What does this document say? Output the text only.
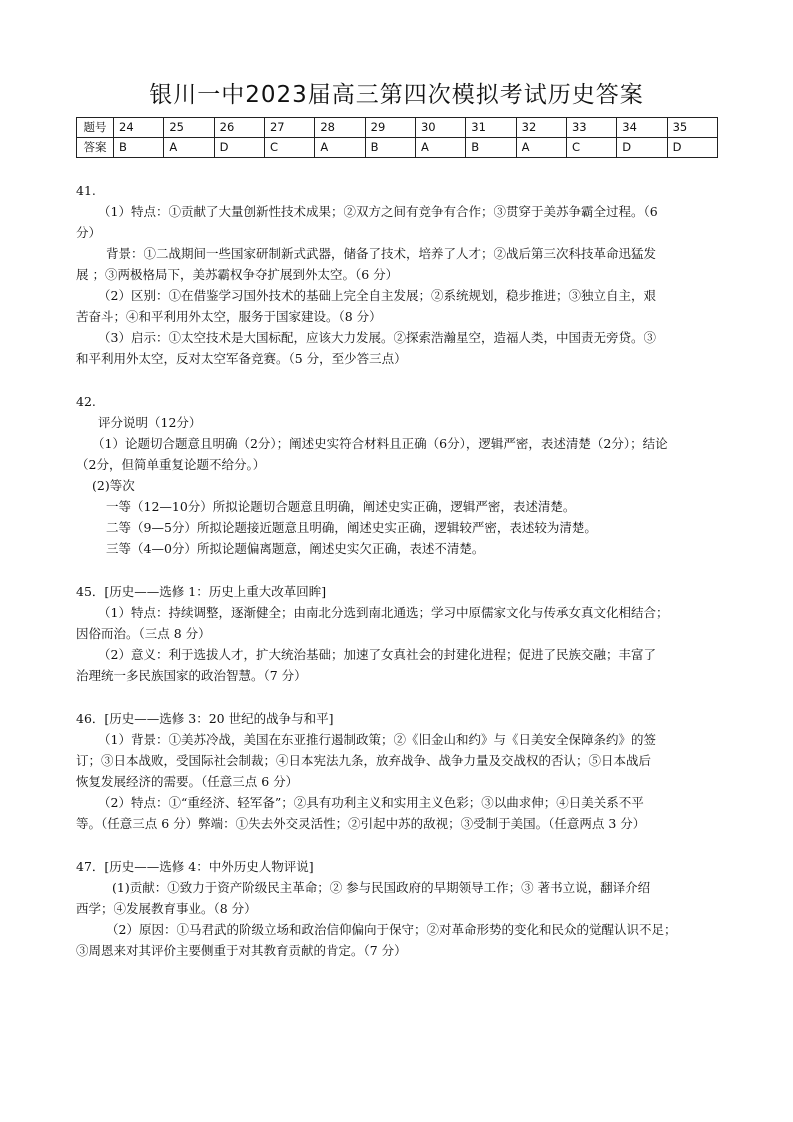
银川一中2023届高三第四次模拟考试历史答案
题号	24	25	26	27	28	29	30	31	32	33	34	35
答案	B	A	D	C	A	B	A	B	A	C	D	D

41.

（1）特点：①贡献了大量创新性技术成果；②双方之间有竞争有合作；③贯穿于美苏争霸全过程。（6

分）

背景：①二战期间一些国家研制新式武器，储备了技术，培养了人才；②战后第三次科技革命迅猛发

展 ；③两极格局下，美苏霸权争夺扩展到外太空。（6 分）

（2）区别：①在借鉴学习国外技术的基础上完全自主发展；②系统规划，稳步推进；③独立自主，艰

苦奋斗；④和平利用外太空，服务于国家建设。（8 分）

（3）启示：①太空技术是大国标配，应该大力发展。②探索浩瀚星空，造福人类，中国责无旁贷。③

和平利用外太空，反对太空军备竞赛。（5 分，至少答三点）

42.

评分说明（12分）

（1）论题切合题意且明确（2分）；阐述史实符合材料且正确（6分），逻辑严密，表述清楚（2分）；结论

（2分，但简单重复论题不给分。）

(2)等次

一等（12—10分）所拟论题切合题意且明确，阐述史实正确，逻辑严密，表述清楚。

二等（9—5分）所拟论题接近题意且明确，阐述史实正确，逻辑较严密，表述较为清楚。

三等（4—0分）所拟论题偏离题意，阐述史实欠正确，表述不清楚。

45．[历史——选修 1：历史上重大改革回眸]

（1）特点：持续调整，逐渐健全；由南北分选到南北通选；学习中原儒家文化与传承女真文化相结合；

因俗而治。（三点 8 分）

（2）意义：利于选拔人才，扩大统治基础；加速了女真社会的封建化进程；促进了民族交融；丰富了

治理统一多民族国家的政治智慧。（7 分）

46．[历史——选修 3：20 世纪的战争与和平]

（1）背景：①美苏冷战，美国在东亚推行遏制政策；②《旧金山和约》与《日美安全保障条约》的签

订；③日本战败，受国际社会制裁；④日本宪法九条，放弃战争、战争力量及交战权的否认；⑤日本战后

恢复发展经济的需要。（任意三点 6 分）

（2）特点：①“重经济、轻军备”；②具有功利主义和实用主义色彩；③以曲求伸；④日美关系不平

等。（任意三点 6 分）弊端：①失去外交灵活性；②引起中苏的敌视；③受制于美国。（任意两点 3 分）

47．[历史——选修 4：中外历史人物评说]

(1)贡献：①致力于资产阶级民主革命；② 参与民国政府的早期领导工作；③ 著书立说，翻译介绍

西学；④发展教育事业。（8 分）

（2）原因：①马君武的阶级立场和政治信仰偏向于保守；②对革命形势的变化和民众的觉醒认识不足；

③周恩来对其评价主要侧重于对其教育贡献的肯定。（7 分）
